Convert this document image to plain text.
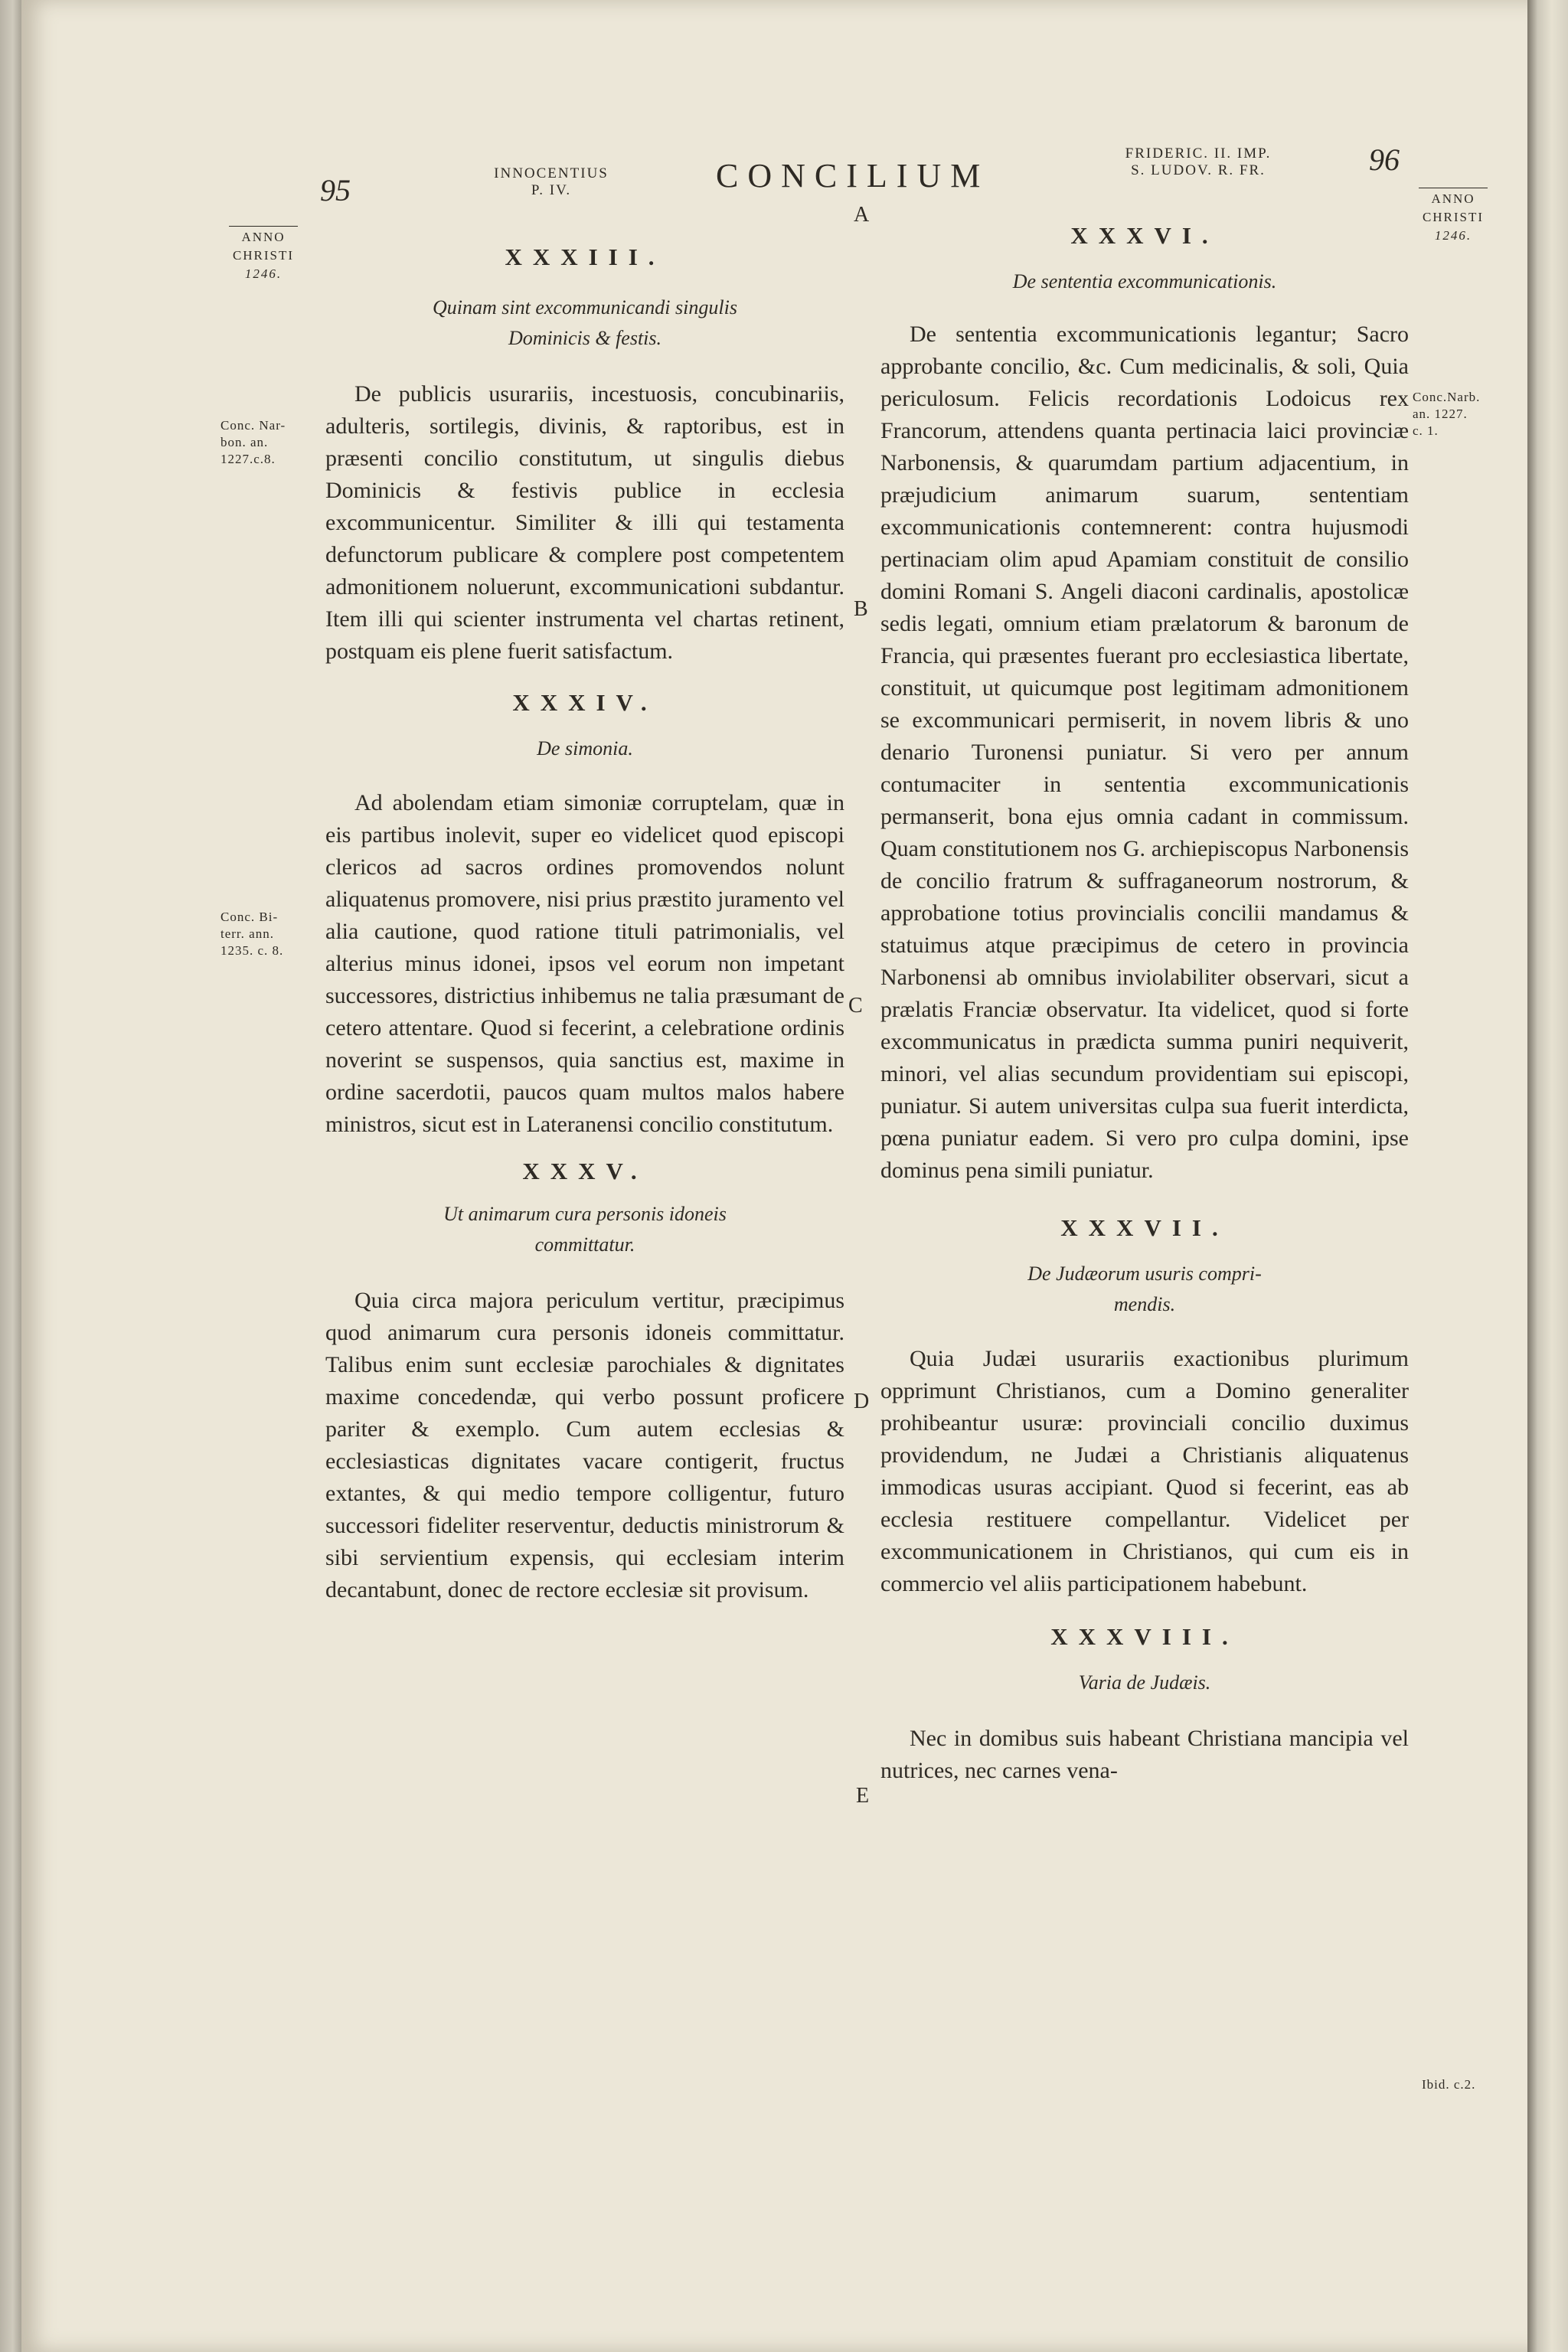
95	INNOCENTIUS
P. IV.	CONCILIUM
FRIDERIC. II. IMP.
S. LUDOV. R. FR.	96
ANNO
CHRISTI
1246.
ANNO
CHRISTI
1246.
A
B
C
D
E
Conc. Nar-
bon. an.
1227.c.8.
Conc. Bi-
terr. ann.
1235. c. 8.
Conc.Narb.
an. 1227.
c. 1.
Ibid. c.2.
XXXIII.

Quinam sint excommunicandi singulis

Dominicis & festis.

De publicis usurariis, incestuosis, concubinariis, adulteris, sortilegis, divinis, & raptoribus, est in præsenti concilio constitutum, ut singulis diebus Dominicis & festivis publice in ecclesia excommunicentur. Similiter & illi qui testamenta defunctorum publicare & complere post competentem admonitionem noluerunt, excommunicationi subdantur. Item illi qui scienter instrumenta vel chartas retinent, postquam eis plene fuerit satisfactum.

XXXIV.

De simonia.

Ad abolendam etiam simoniæ corruptelam, quæ in eis partibus inolevit, super eo videlicet quod episcopi clericos ad sacros ordines promovendos nolunt aliquatenus promovere, nisi prius præstito juramento vel alia cautione, quod ratione tituli patrimonialis, vel alterius minus idonei, ipsos vel eorum non impetant successores, districtius inhibemus ne talia præsumant de cetero attentare. Quod si fecerint, a celebratione ordinis noverint se suspensos, quia sanctius est, maxime in ordine sacerdotii, paucos quam multos malos habere ministros, sicut est in Lateranensi concilio constitutum.

XXXV.

Ut animarum cura personis idoneis

committatur.

Quia circa majora periculum vertitur, præcipimus quod animarum cura personis idoneis committatur. Talibus enim sunt ecclesiæ parochiales & dignitates maxime concedendæ, qui verbo possunt proficere pariter & exemplo. Cum autem ecclesias & ecclesiasticas dignitates vacare contigerit, fructus extantes, & qui medio tempore colligentur, futuro successori fideliter reserventur, deductis ministrorum & sibi servientium expensis, qui ecclesiam interim decantabunt, donec de rectore ecclesiæ sit provisum.

XXXVI.

De sententia excommunicationis.

De sententia excommunicationis legantur; Sacro approbante concilio, &c. Cum medicinalis, & soli, Quia periculosum. Felicis recordationis Lodoicus rex Francorum, attendens quanta pertinacia laici provinciæ Narbonensis, & quarumdam partium adjacentium, in præjudicium animarum suarum, sententiam excommunicationis contemnerent: contra hujusmodi pertinaciam olim apud Apamiam constituit de consilio domini Romani S. Angeli diaconi cardinalis, apostolicæ sedis legati, omnium etiam prælatorum & baronum de Francia, qui præsentes fuerant pro ecclesiastica libertate, constituit, ut quicumque post legitimam admonitionem se excommunicari permiserit, in novem libris & uno denario Turonensi puniatur. Si vero per annum contumaciter in sententia excommunicationis permanserit, bona ejus omnia cadant in commissum. Quam constitutionem nos G. archiepiscopus Narbonensis de concilio fratrum & suffraganeorum nostrorum, & approbatione totius provincialis concilii mandamus & statuimus atque præcipimus de cetero in provincia Narbonensi ab omnibus inviolabiliter observari, sicut a prælatis Franciæ observatur. Ita videlicet, quod si forte excommunicatus in prædicta summa puniri nequiverit, minori, vel alias secundum providentiam sui episcopi, puniatur. Si autem universitas culpa sua fuerit interdicta, pœna puniatur eadem. Si vero pro culpa domini, ipse dominus pena simili puniatur.

XXXVII.

De Judæorum usuris compri-

mendis.

Quia Judæi usurariis exactionibus plurimum opprimunt Christianos, cum a Domino generaliter prohibeantur usuræ: provinciali concilio duximus providendum, ne Judæi a Christianis aliquatenus immodicas usuras accipiant. Quod si fecerint, eas ab ecclesia restituere compellantur. Videlicet per excommunicationem in Christianos, qui cum eis in commercio vel aliis participationem habebunt.

XXXVIII.

Varia de Judæis.

Nec in domibus suis habeant Christiana mancipia vel nutrices, nec carnes vena-
